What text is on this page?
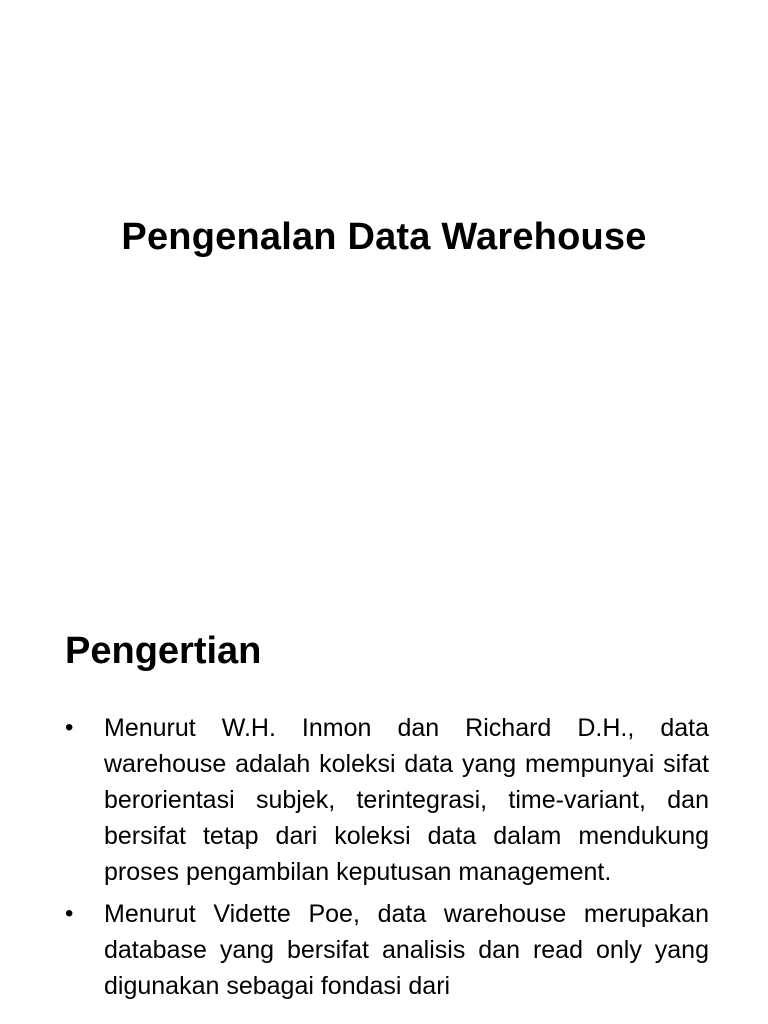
Pengenalan Data Warehouse
Pengertian
• Menurut W.H. Inmon dan Richard D.H., data warehouse adalah koleksi data yang mempunyai sifat berorientasi subjek, terintegrasi, time-variant, dan bersifat tetap dari koleksi data dalam mendukung proses pengambilan keputusan management.
• Menurut Vidette Poe, data warehouse merupakan database yang bersifat analisis dan read only yang digunakan sebagai fondasi dari
